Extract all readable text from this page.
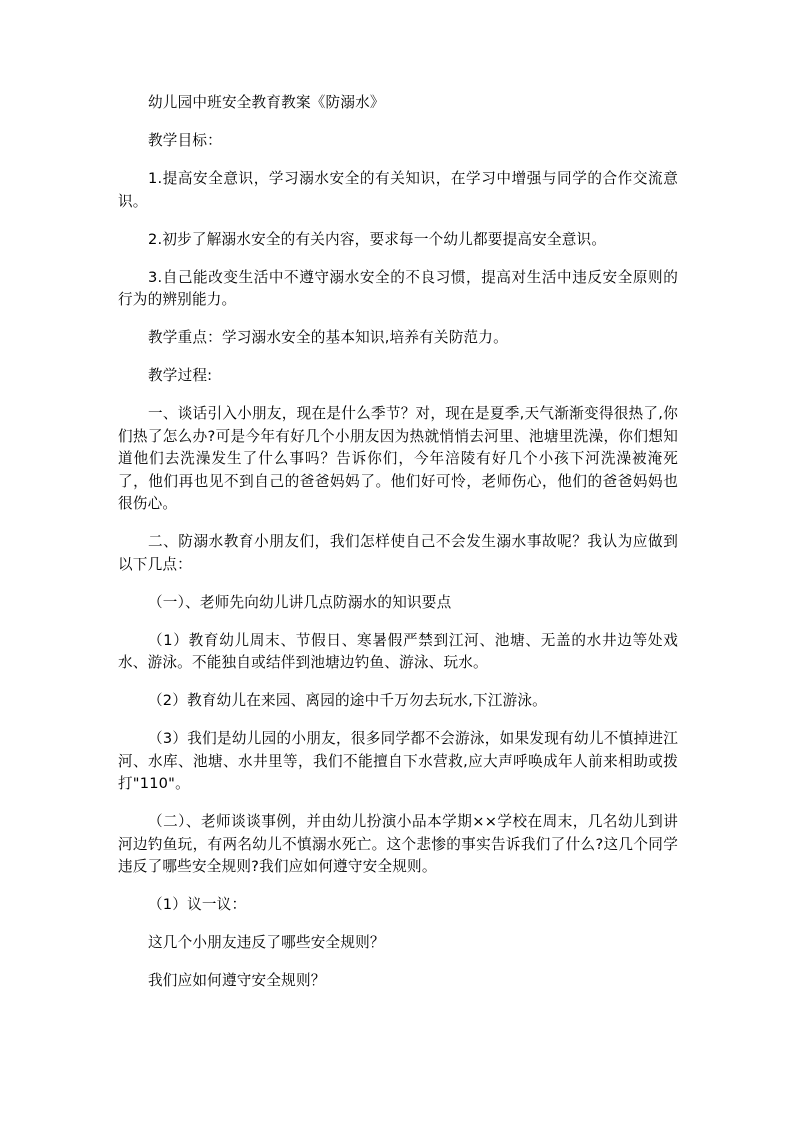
幼儿园中班安全教育教案《防溺水》

教学目标：

1.提高安全意识，学习溺水安全的有关知识，在学习中增强与同学的合作交流意识。

2.初步了解溺水安全的有关内容，要求每一个幼儿都要提高安全意识。

3.自己能改变生活中不遵守溺水安全的不良习惯，提高对生活中违反安全原则的行为的辨别能力。

教学重点：学习溺水安全的基本知识,培养有关防范力。

教学过程:

一、谈话引入小朋友，现在是什么季节？对，现在是夏季,天气渐渐变得很热了,你们热了怎么办?可是今年有好几个小朋友因为热就悄悄去河里、池塘里洗澡，你们想知道他们去洗澡发生了什么事吗？告诉你们，今年涪陵有好几个小孩下河洗澡被淹死了，他们再也见不到自己的爸爸妈妈了。他们好可怜，老师伤心，他们的爸爸妈妈也很伤心。

二、防溺水教育小朋友们，我们怎样使自己不会发生溺水事故呢？我认为应做到以下几点：

（一）、老师先向幼儿讲几点防溺水的知识要点

（1）教育幼儿周末、节假日、寒暑假严禁到江河、池塘、无盖的水井边等处戏水、游泳。不能独自或结伴到池塘边钓鱼、游泳、玩水。

（2）教育幼儿在来园、离园的途中千万勿去玩水,下江游泳。

（3）我们是幼儿园的小朋友，很多同学都不会游泳，如果发现有幼儿不慎掉进江河、水库、池塘、水井里等，我们不能擅自下水营救,应大声呼唤成年人前来相助或拨打"110"。

（二）、老师谈谈事例，并由幼儿扮演小品本学期××学校在周末，几名幼儿到讲河边钓鱼玩，有两名幼儿不慎溺水死亡。这个悲惨的事实告诉我们了什么?这几个同学违反了哪些安全规则?我们应如何遵守安全规则。

（1）议一议：

这几个小朋友违反了哪些安全规则？

我们应如何遵守安全规则？
